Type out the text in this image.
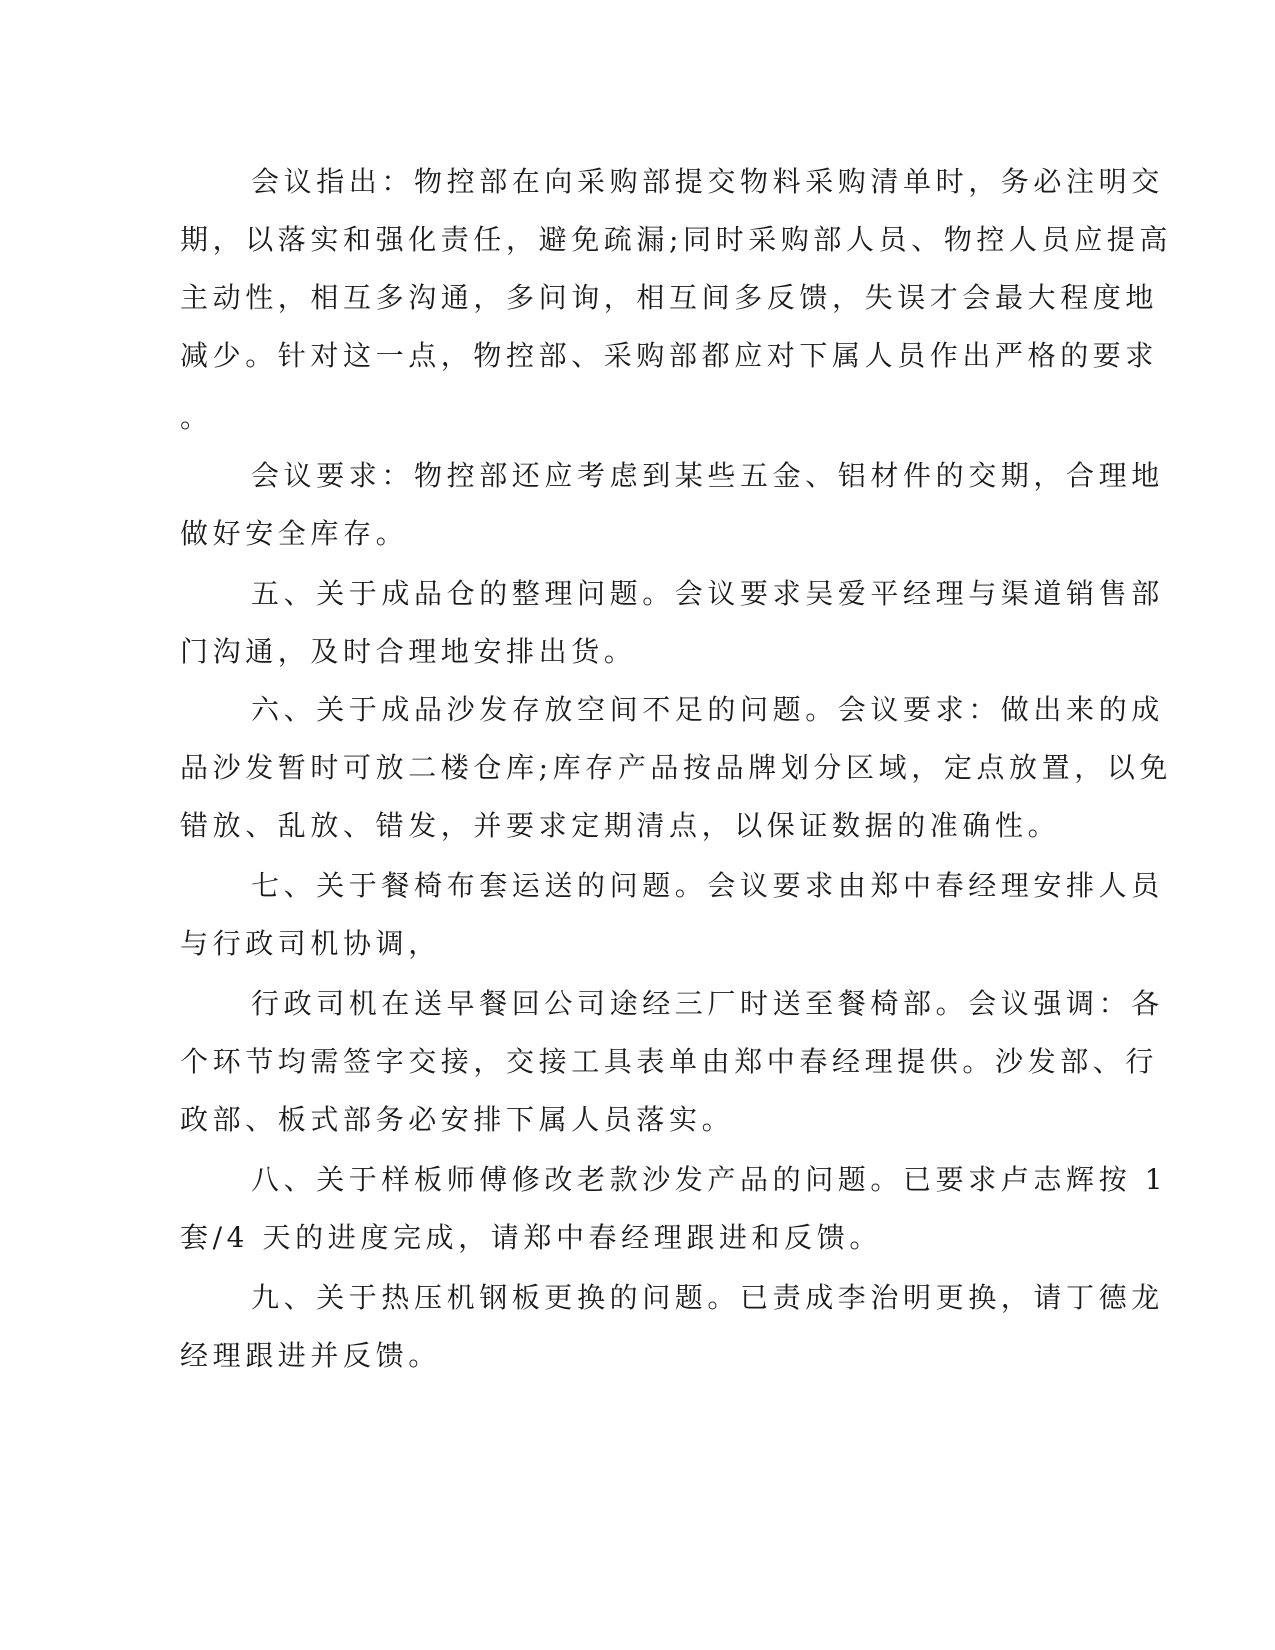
会议指出：物控部在向采购部提交物料采购清单时，务必注明交
期，以落实和强化责任，避免疏漏;同时采购部人员、物控人员应提高
主动性，相互多沟通，多问询，相互间多反馈，失误才会最大程度地
减少。针对这一点，物控部、采购部都应对下属人员作出严格的要求
。
会议要求：物控部还应考虑到某些五金、铝材件的交期，合理地
做好安全库存。
五、关于成品仓的整理问题。会议要求吴爱平经理与渠道销售部
门沟通，及时合理地安排出货。
六、关于成品沙发存放空间不足的问题。会议要求：做出来的成
品沙发暂时可放二楼仓库;库存产品按品牌划分区域，定点放置，以免
错放、乱放、错发，并要求定期清点，以保证数据的准确性。
七、关于餐椅布套运送的问题。会议要求由郑中春经理安排人员
与行政司机协调，
行政司机在送早餐回公司途经三厂时送至餐椅部。会议强调：各
个环节均需签字交接，交接工具表单由郑中春经理提供。沙发部、行
政部、板式部务必安排下属人员落实。
八、关于样板师傅修改老款沙发产品的问题。已要求卢志辉按 1
套/4 天的进度完成，请郑中春经理跟进和反馈。
九、关于热压机钢板更换的问题。已责成李治明更换，请丁德龙
经理跟进并反馈。
